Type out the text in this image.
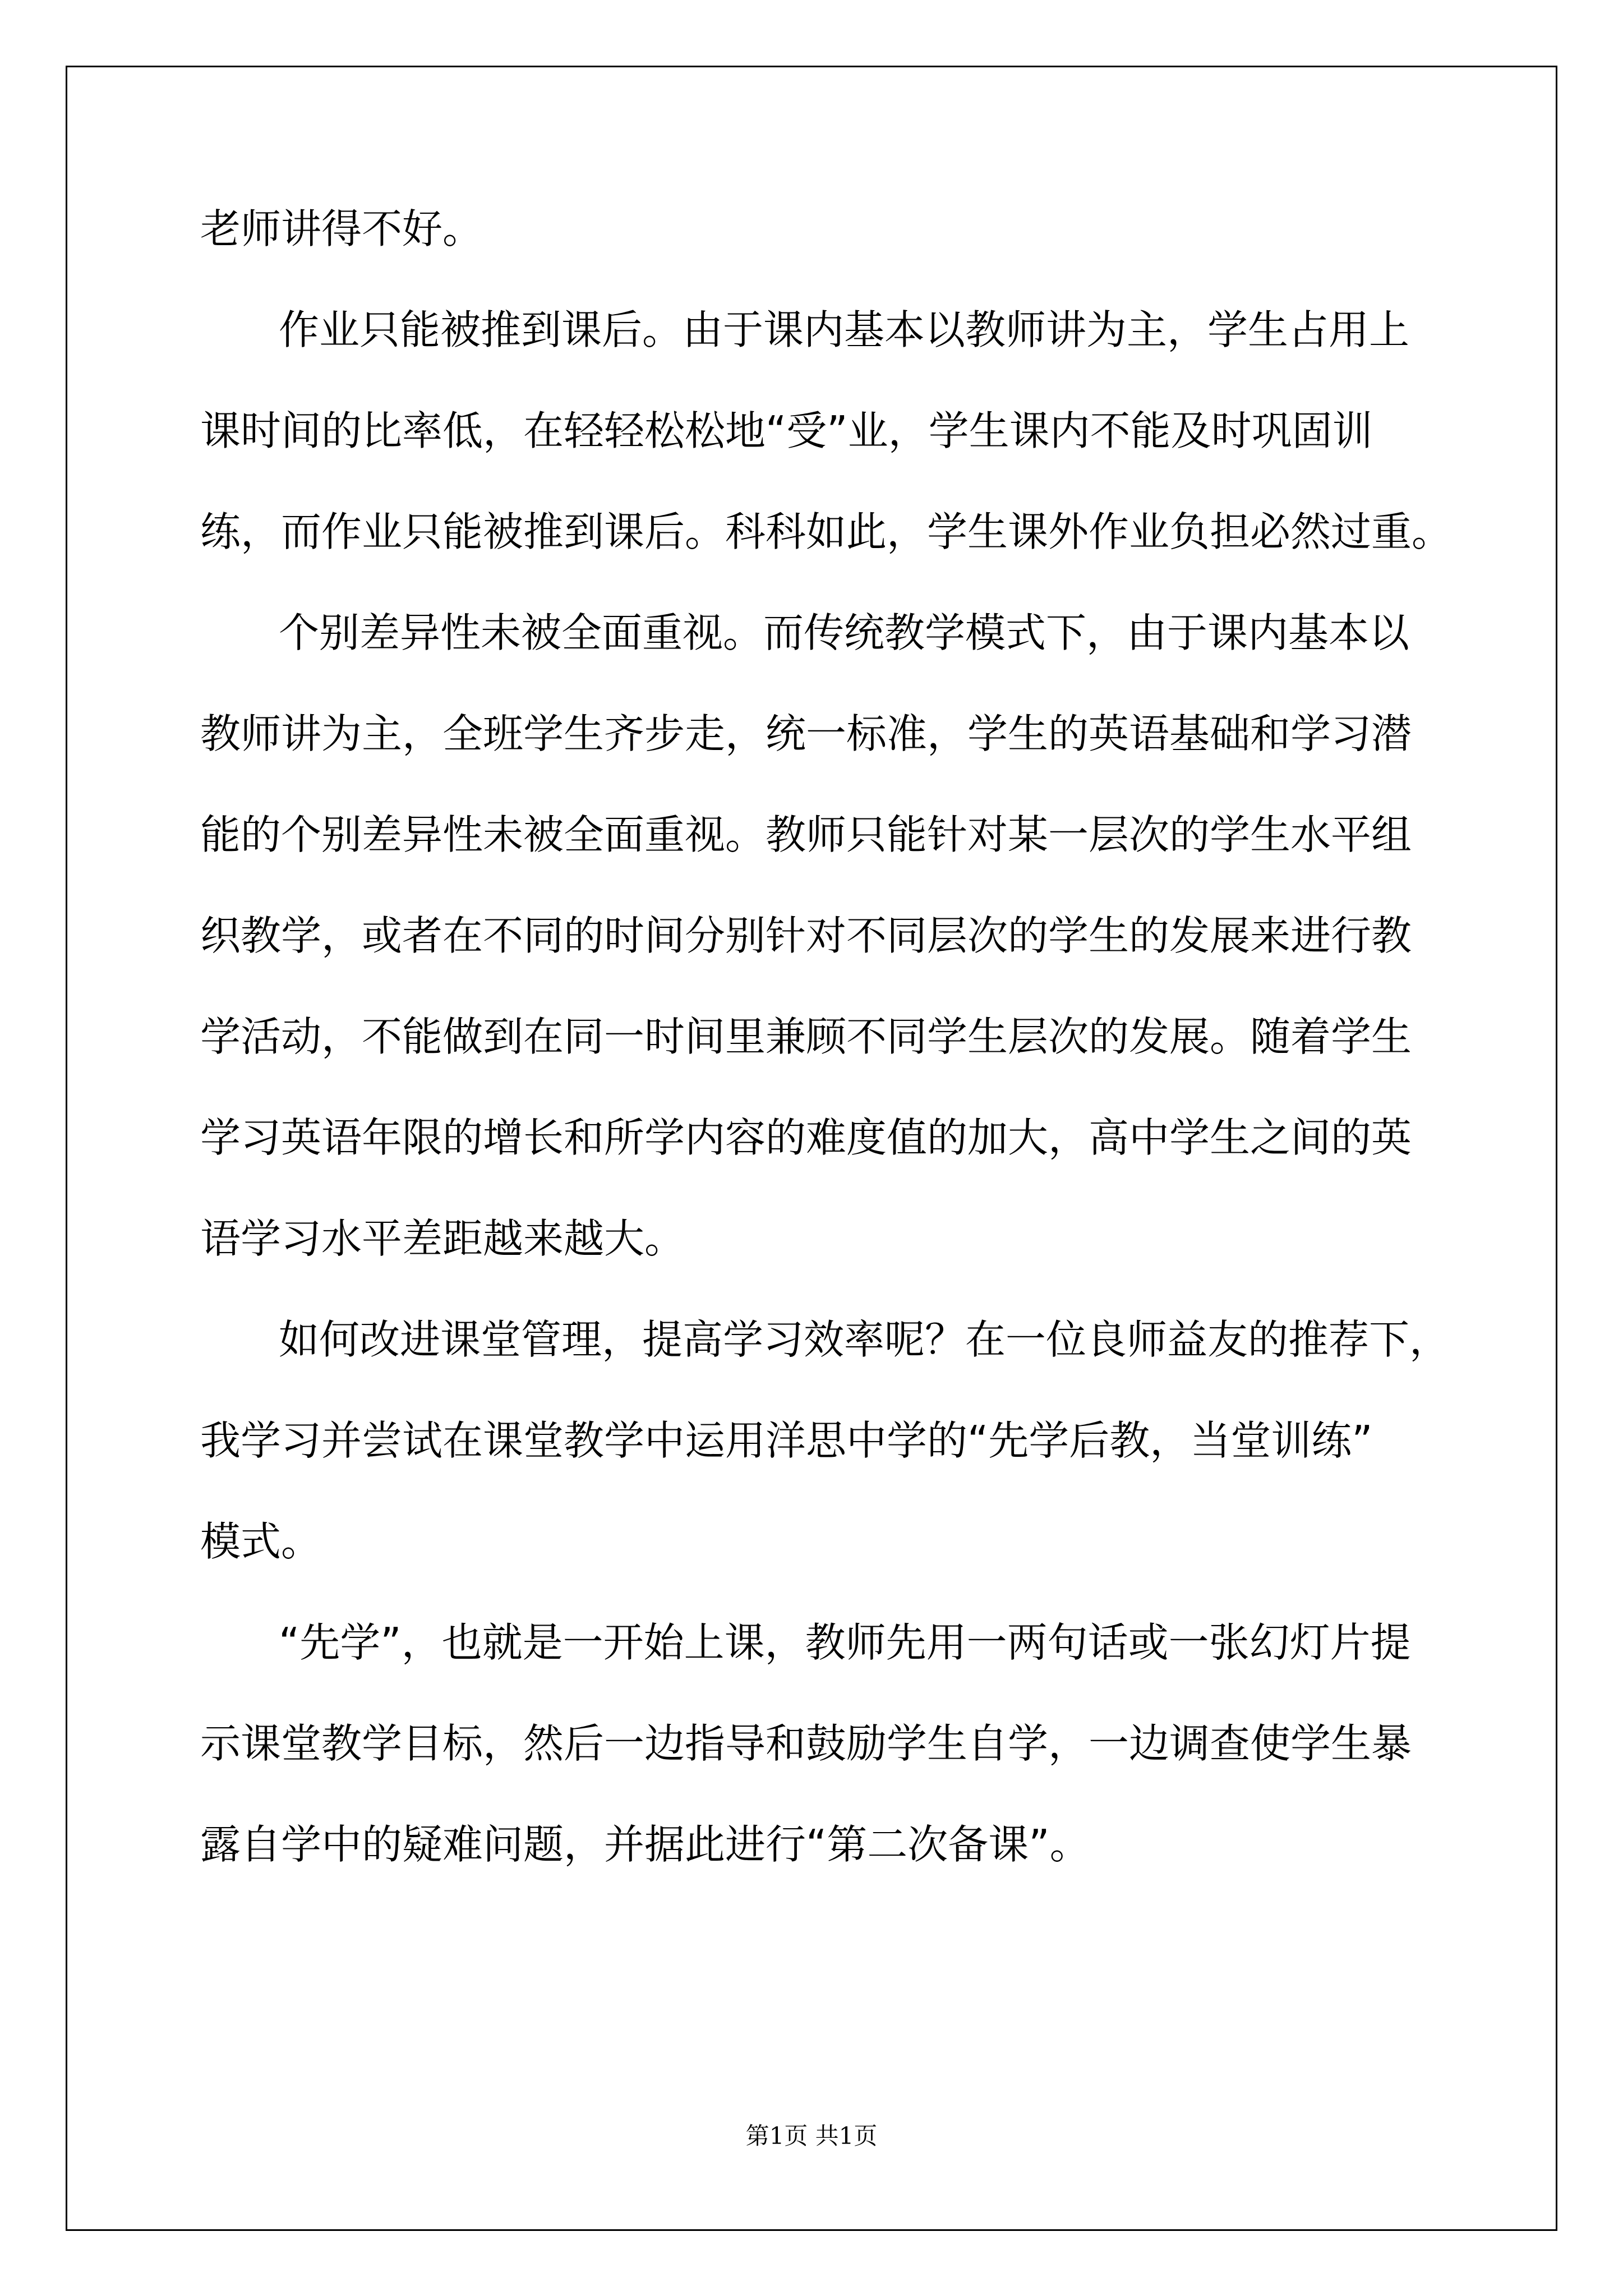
老师讲得不好。
作业只能被推到课后。由于课内基本以教师讲为主，学生占用上
课时间的比率低，在轻轻松松地“受”业，学生课内不能及时巩固训
练，而作业只能被推到课后。科科如此，学生课外作业负担必然过重。
个别差异性未被全面重视。而传统教学模式下，由于课内基本以
教师讲为主，全班学生齐步走，统一标准，学生的英语基础和学习潜
能的个别差异性未被全面重视。教师只能针对某一层次的学生水平组
织教学，或者在不同的时间分别针对不同层次的学生的发展来进行教
学活动，不能做到在同一时间里兼顾不同学生层次的发展。随着学生
学习英语年限的增长和所学内容的难度值的加大，高中学生之间的英
语学习水平差距越来越大。
如何改进课堂管理，提高学习效率呢？在一位良师益友的推荐下，
我学习并尝试在课堂教学中运用洋思中学的“先学后教，当堂训练”
模式。
“先学”，也就是一开始上课，教师先用一两句话或一张幻灯片提
示课堂教学目标，然后一边指导和鼓励学生自学，一边调查使学生暴
露自学中的疑难问题，并据此进行“第二次备课”。
第1页 共1页
